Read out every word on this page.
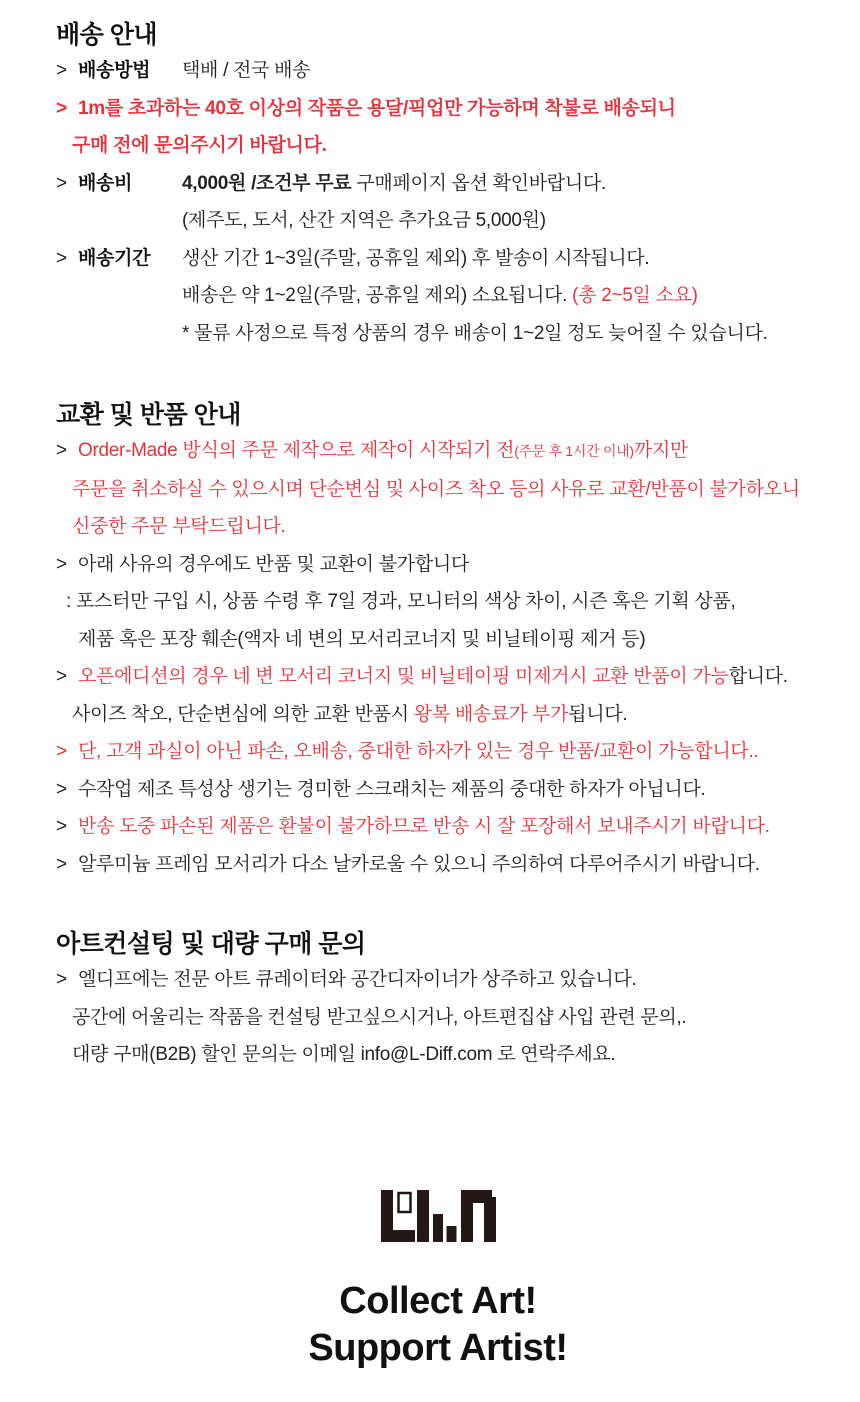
배송 안내
> 배송방법	택배 / 전국 배송
> 1m를 초과하는 40호 이상의 작품은 용달/픽업만 가능하며 착불로 배송되니
구매 전에 문의주시기 바랍니다.
> 배송비	4,000원 /조건부 무료 구매페이지 옵션 확인바랍니다.
(제주도, 도서, 산간 지역은 추가요금 5,000원)
> 배송기간	생산 기간 1~3일(주말, 공휴일 제외) 후 발송이 시작됩니다.
배송은 약 1~2일(주말, 공휴일 제외) 소요됩니다. (총 2~5일 소요)
* 물류 사정으로 특정 상품의 경우 배송이 1~2일 정도 늦어질 수 있습니다.
교환 및 반품 안내
> Order-Made 방식의 주문 제작으로 제작이 시작되기 전(주문 후 1시간 이내)까지만
주문을 취소하실 수 있으시며 단순변심 및 사이즈 착오 등의 사유로 교환/반품이 불가하오니
신중한 주문 부탁드립니다.
> 아래 사유의 경우에도 반품 및 교환이 불가합니다
: 포스터만 구입 시, 상품 수령 후 7일 경과, 모니터의 색상 차이, 시즌 혹은 기획 상품,
제품 혹은 포장 훼손(액자 네 변의 모서리코너지 및 비닐테이핑 제거 등)
> 오픈에디션의 경우 네 변 모서리 코너지 및 비닐테이핑 미제거시 교환 반품이 가능합니다.
사이즈 착오, 단순변심에 의한 교환 반품시 왕복 배송료가 부가됩니다.
> 단, 고객 과실이 아닌 파손, 오배송, 중대한 하자가 있는 경우 반품/교환이 가능합니다..
> 수작업 제조 특성상 생기는 경미한 스크래치는 제품의 중대한 하자가 아닙니다.
> 반송 도중 파손된 제품은 환불이 불가하므로 반송 시 잘 포장해서 보내주시기 바랍니다.
> 알루미늄 프레임 모서리가 다소 날카로울 수 있으니 주의하여 다루어주시기 바랍니다.
아트컨설팅 및 대량 구매 문의
> 엘디프에는 전문 아트 큐레이터와 공간디자이너가 상주하고 있습니다.
공간에 어울리는 작품을 컨설팅 받고싶으시거나, 아트편집샵 사입 관련 문의,.
대량 구매(B2B) 할인 문의는 이메일 info@L-Diff.com 로 연락주세요.
Collect Art!
Support Artist!
